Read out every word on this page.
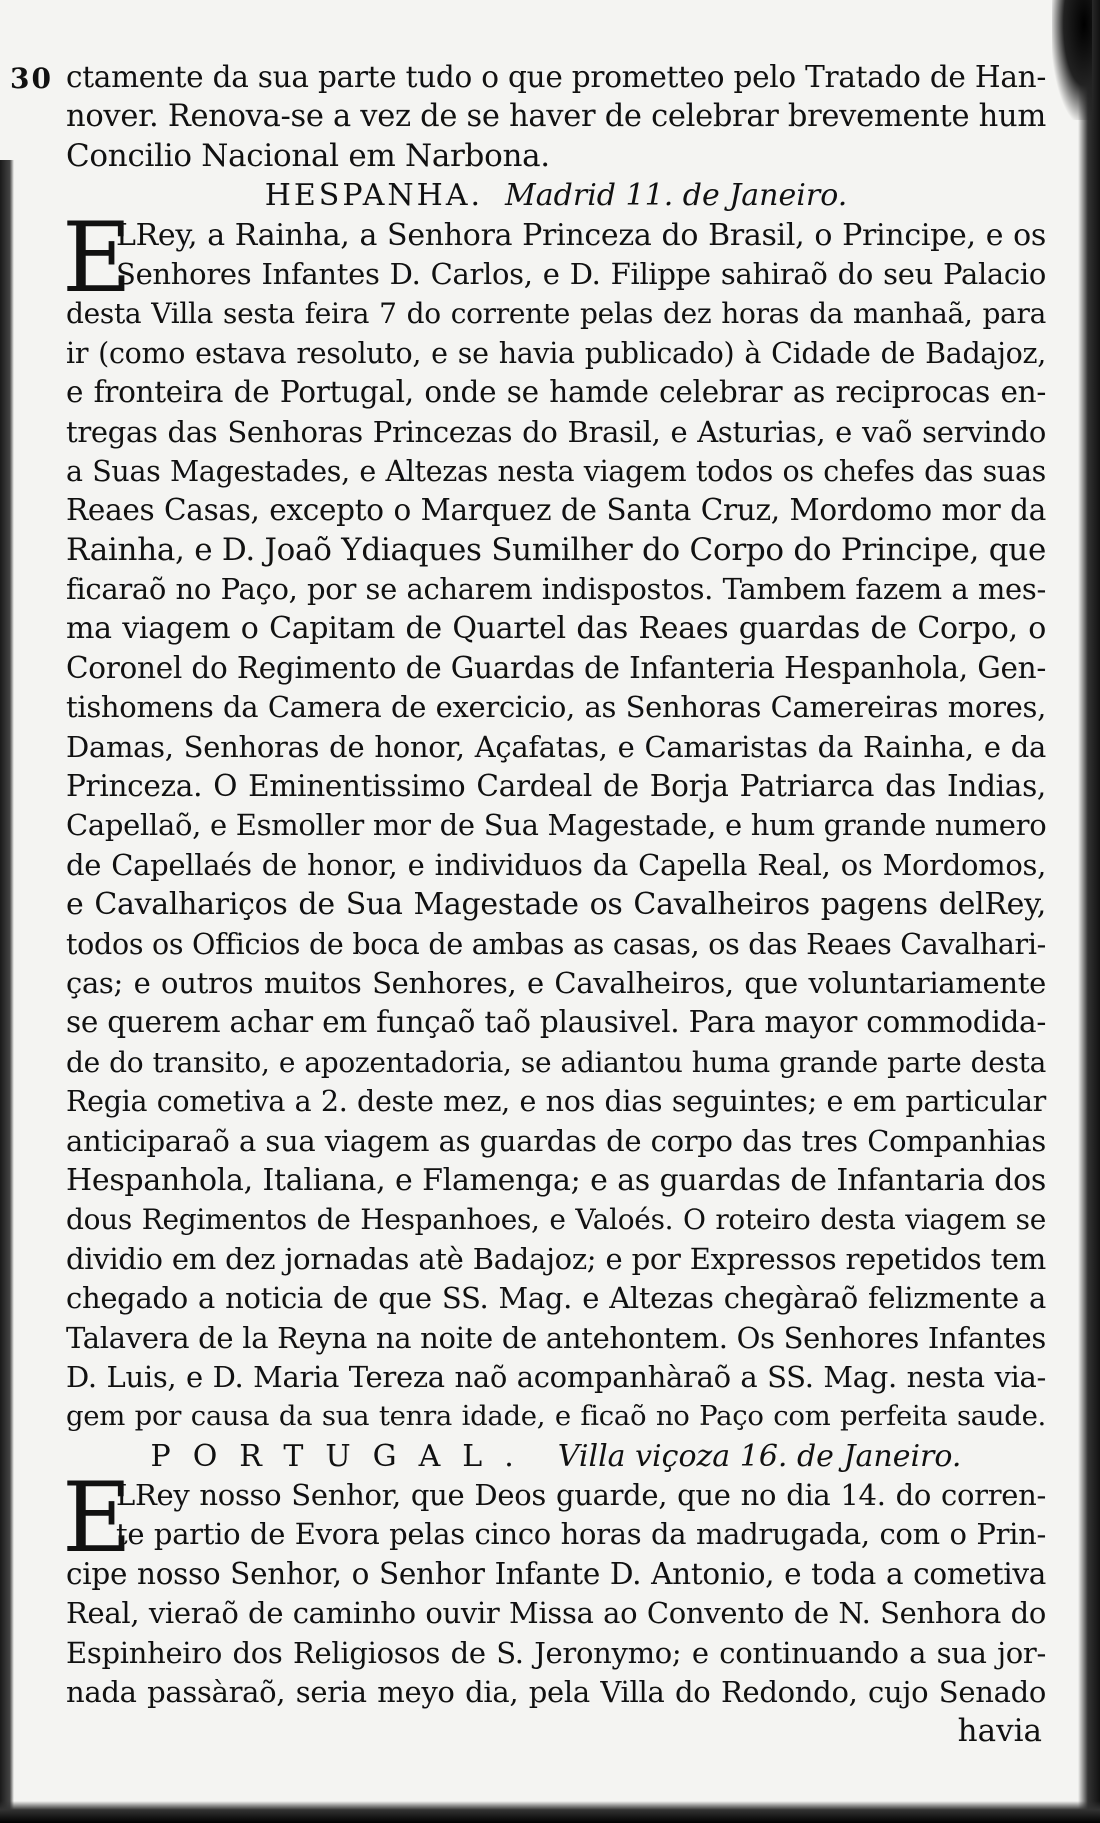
30 ctamente da sua parte tudo o que prometteo pelo Tratado de Han-
nover. Renova-se a vez de se haver de celebrar brevemente hum
Concilio Nacional em Narbona.
HESPANHA. Madrid 11. de Janeiro.
E
LRey, a Rainha, a Senhora Princeza do Brasil, o Principe, e os
Senhores Infantes D. Carlos, e D. Filippe sahiraõ do seu Palacio
desta Villa sesta feira 7 do corrente pelas dez horas da manhaã, para
ir (como estava resoluto, e se havia publicado) à Cidade de Badajoz,
e fronteira de Portugal, onde se hamde celebrar as reciprocas en-
tregas das Senhoras Princezas do Brasil, e Asturias, e vaõ servindo
a Suas Magestades, e Altezas nesta viagem todos os chefes das suas
Reaes Casas, excepto o Marquez de Santa Cruz, Mordomo mor da
Rainha, e D. Joaõ Ydiaques Sumilher do Corpo do Principe, que
ficaraõ no Paço, por se acharem indispostos. Tambem fazem a mes-
ma viagem o Capitam de Quartel das Reaes guardas de Corpo, o
Coronel do Regimento de Guardas de Infanteria Hespanhola, Gen-
tishomens da Camera de exercicio, as Senhoras Camereiras mores,
Damas, Senhoras de honor, Açafatas, e Camaristas da Rainha, e da
Princeza. O Eminentissimo Cardeal de Borja Patriarca das Indias,
Capellaõ, e Esmoller mor de Sua Magestade, e hum grande numero
de Capellaés de honor, e individuos da Capella Real, os Mordomos,
e Cavalhariços de Sua Magestade os Cavalheiros pagens delRey,
todos os Officios de boca de ambas as casas, os das Reaes Cavalhari-
ças; e outros muitos Senhores, e Cavalheiros, que voluntariamente
se querem achar em funçaõ taõ plausivel. Para mayor commodida-
de do transito, e apozentadoria, se adiantou huma grande parte desta
Regia cometiva a 2. deste mez, e nos dias seguintes; e em particular
anticiparaõ a sua viagem as guardas de corpo das tres Companhias
Hespanhola, Italiana, e Flamenga; e as guardas de Infantaria dos
dous Regimentos de Hespanhoes, e Valoés. O roteiro desta viagem se
dividio em dez jornadas atè Badajoz; e por Expressos repetidos tem
chegado a noticia de que SS. Mag. e Altezas chegàraõ felizmente a
Talavera de la Reyna na noite de antehontem. Os Senhores Infantes
D. Luis, e D. Maria Tereza naõ acompanhàraõ a SS. Mag. nesta via-
gem por causa da sua tenra idade, e ficaõ no Paço com perfeita saude.
PORTUGAL. Villa viçoza 16. de Janeiro.
E
LRey nosso Senhor, que Deos guarde, que no dia 14. do corren-
te partio de Evora pelas cinco horas da madrugada, com o Prin-
cipe nosso Senhor, o Senhor Infante D. Antonio, e toda a cometiva
Real, vieraõ de caminho ouvir Missa ao Convento de N. Senhora do
Espinheiro dos Religiosos de S. Jeronymo; e continuando a sua jor-
nada passàraõ, seria meyo dia, pela Villa do Redondo, cujo Senado
havia
